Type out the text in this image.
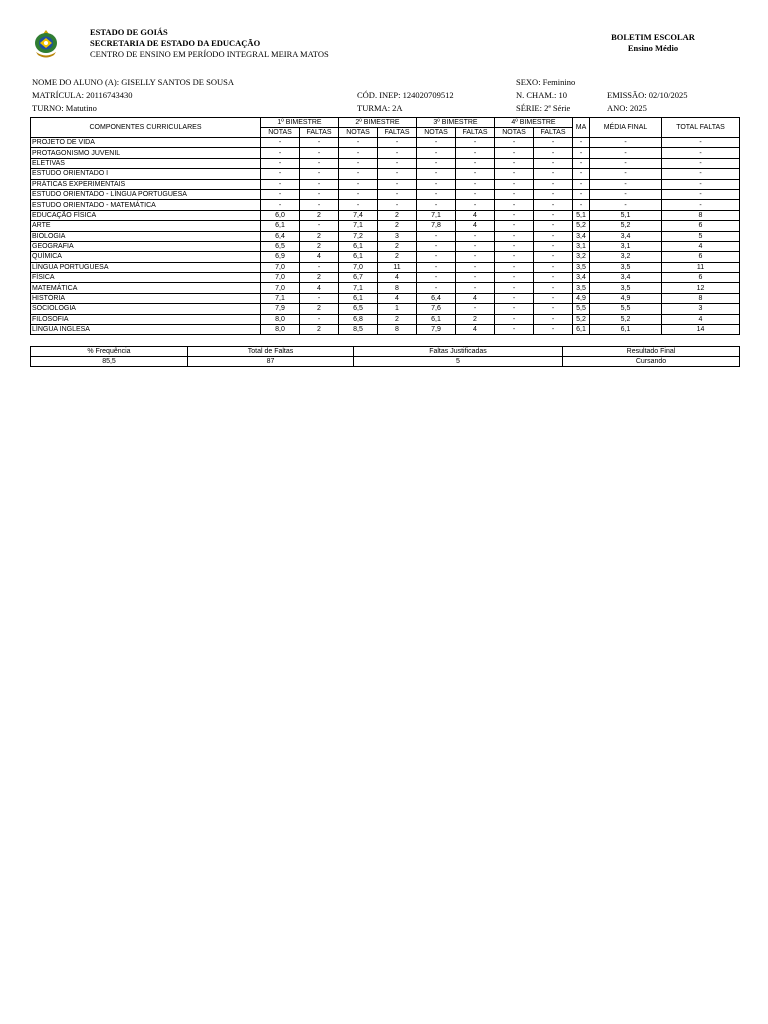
ESTADO DE GOIÁS
SECRETARIA DE ESTADO DA EDUCAÇÃO
CENTRO DE ENSINO EM PERÍODO INTEGRAL MEIRA MATOS
BOLETIM ESCOLAR
Ensino Médio
NOME DO ALUNO (A): GISELLY SANTOS DE SOUSA	SEXO: Feminino
MATRÍCULA: 20116743430	CÓD. INEP: 124020709512	N. CHAM.: 10	EMISSÃO: 02/10/2025
TURNO: Matutino	TURMA: 2A	SÉRIE: 2ª Série	ANO: 2025
COMPONENTES CURRICULARES	1º BIMESTRE		2º BIMESTRE		3º BIMESTRE		4º BIMESTRE		MA	MÉDIA FINAL	TOTAL FALTAS
	NOTAS	FALTAS	NOTAS	FALTAS	NOTAS	FALTAS	NOTAS	FALTAS			
PROJETO DE VIDA	-	-	-	-	-	-	-	-	-	-	-
PROTAGONISMO JUVENIL	-	-	-	-	-	-	-	-	-	-	-
ELETIVAS	-	-	-	-	-	-	-	-	-	-	-
ESTUDO ORIENTADO I	-	-	-	-	-	-	-	-	-	-	-
PRÁTICAS EXPERIMENTAIS	-	-	-	-	-	-	-	-	-	-	-
ESTUDO ORIENTADO - LÍNGUA PORTUGUESA	-	-	-	-	-	-	-	-	-	-	-
ESTUDO ORIENTADO - MATEMÁTICA	-	-	-	-	-	-	-	-	-	-	-
EDUCAÇÃO FÍSICA	6,0	2	7,4	2	7,1	4	-	-	5,1	5,1	8
ARTE	6,1	-	7,1	2	7,8	4	-	-	5,2	5,2	6
BIOLOGIA	6,4	2	7,2	3	-	-	-	-	3,4	3,4	5
GEOGRAFIA	6,5	2	6,1	2	-	-	-	-	3,1	3,1	4
QUÍMICA	6,9	4	6,1	2	-	-	-	-	3,2	3,2	6
LÍNGUA PORTUGUESA	7,0	-	7,0	11	-	-	-	-	3,5	3,5	11
FÍSICA	7,0	2	6,7	4	-	-	-	-	3,4	3,4	6
MATEMÁTICA	7,0	4	7,1	8	-	-	-	-	3,5	3,5	12
HISTÓRIA	7,1	-	6,1	4	6,4	4	-	-	4,9	4,9	8
SOCIOLOGIA	7,9	2	6,5	1	7,6	-	-	-	5,5	5,5	3
FILOSOFIA	8,0	-	6,8	2	6,1	2	-	-	5,2	5,2	4
LÍNGUA INGLESA	8,0	2	8,5	8	7,9	4	-	-	6,1	6,1	14
% Frequência	Total de Faltas	Faltas Justificadas	Resultado Final
85,5	87	5	Cursando
